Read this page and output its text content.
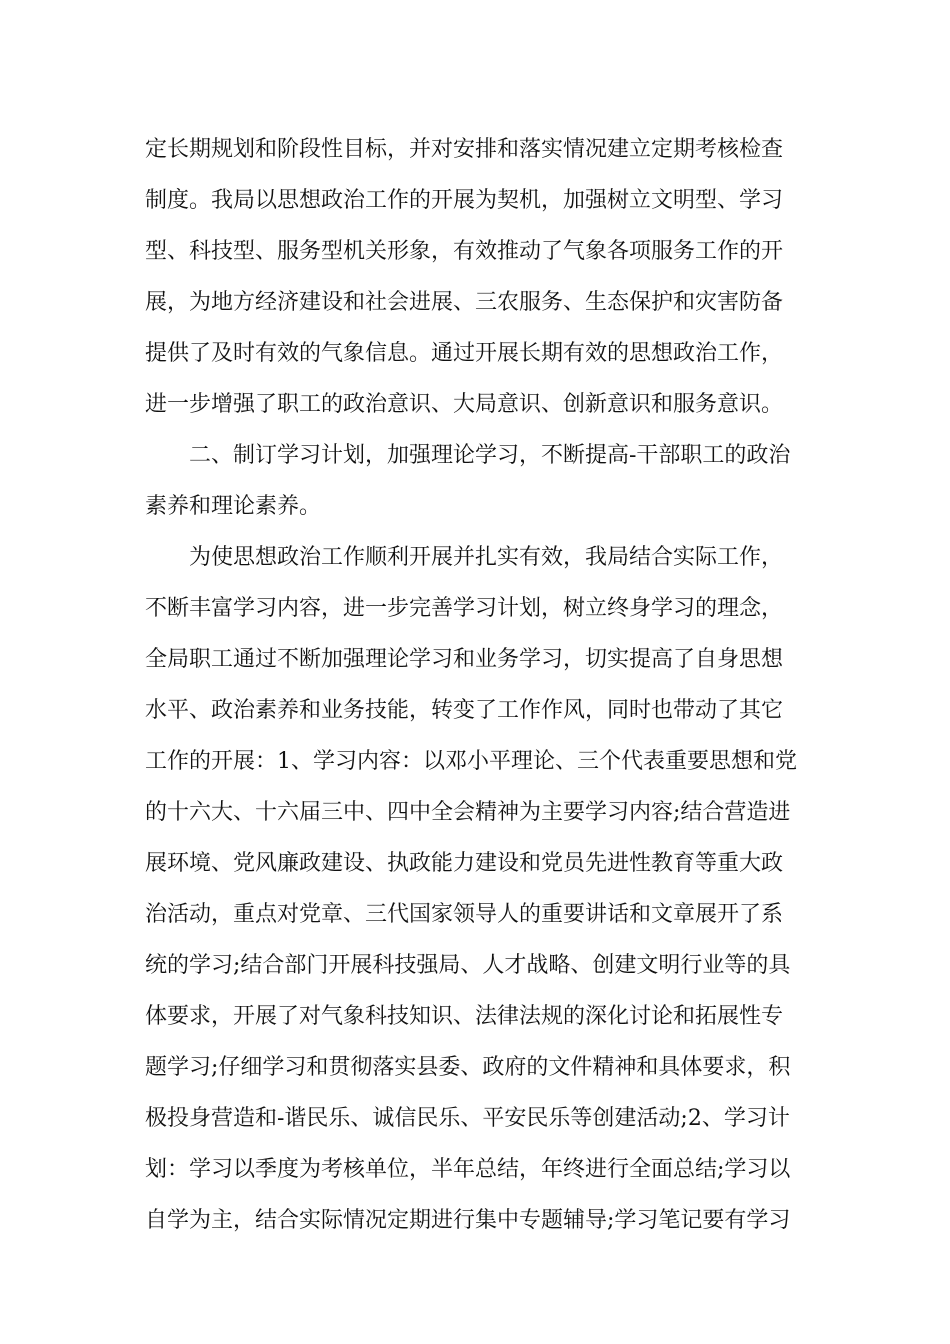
定长期规划和阶段性目标，并对安排和落实情况建立定期考核检查
制度。我局以思想政治工作的开展为契机，加强树立文明型、学习
型、科技型、服务型机关形象，有效推动了气象各项服务工作的开
展，为地方经济建设和社会进展、三农服务、生态保护和灾害防备
提供了及时有效的气象信息。通过开展长期有效的思想政治工作，
进一步增强了职工的政治意识、大局意识、创新意识和服务意识。
二、制订学习计划，加强理论学习，不断提高-干部职工的政治
素养和理论素养。
为使思想政治工作顺利开展并扎实有效，我局结合实际工作，
不断丰富学习内容，进一步完善学习计划，树立终身学习的理念，
全局职工通过不断加强理论学习和业务学习，切实提高了自身思想
水平、政治素养和业务技能，转变了工作作风，同时也带动了其它
工作的开展：1、学习内容：以邓小平理论、三个代表重要思想和党
的十六大、十六届三中、四中全会精神为主要学习内容;结合营造进
展环境、党风廉政建设、执政能力建设和党员先进性教育等重大政
治活动，重点对党章、三代国家领导人的重要讲话和文章展开了系
统的学习;结合部门开展科技强局、人才战略、创建文明行业等的具
体要求，开展了对气象科技知识、法律法规的深化讨论和拓展性专
题学习;仔细学习和贯彻落实县委、政府的文件精神和具体要求，积
极投身营造和-谐民乐、诚信民乐、平安民乐等创建活动;2、学习计
划：学习以季度为考核单位，半年总结，年终进行全面总结;学习以
自学为主，结合实际情况定期进行集中专题辅导;学习笔记要有学习
